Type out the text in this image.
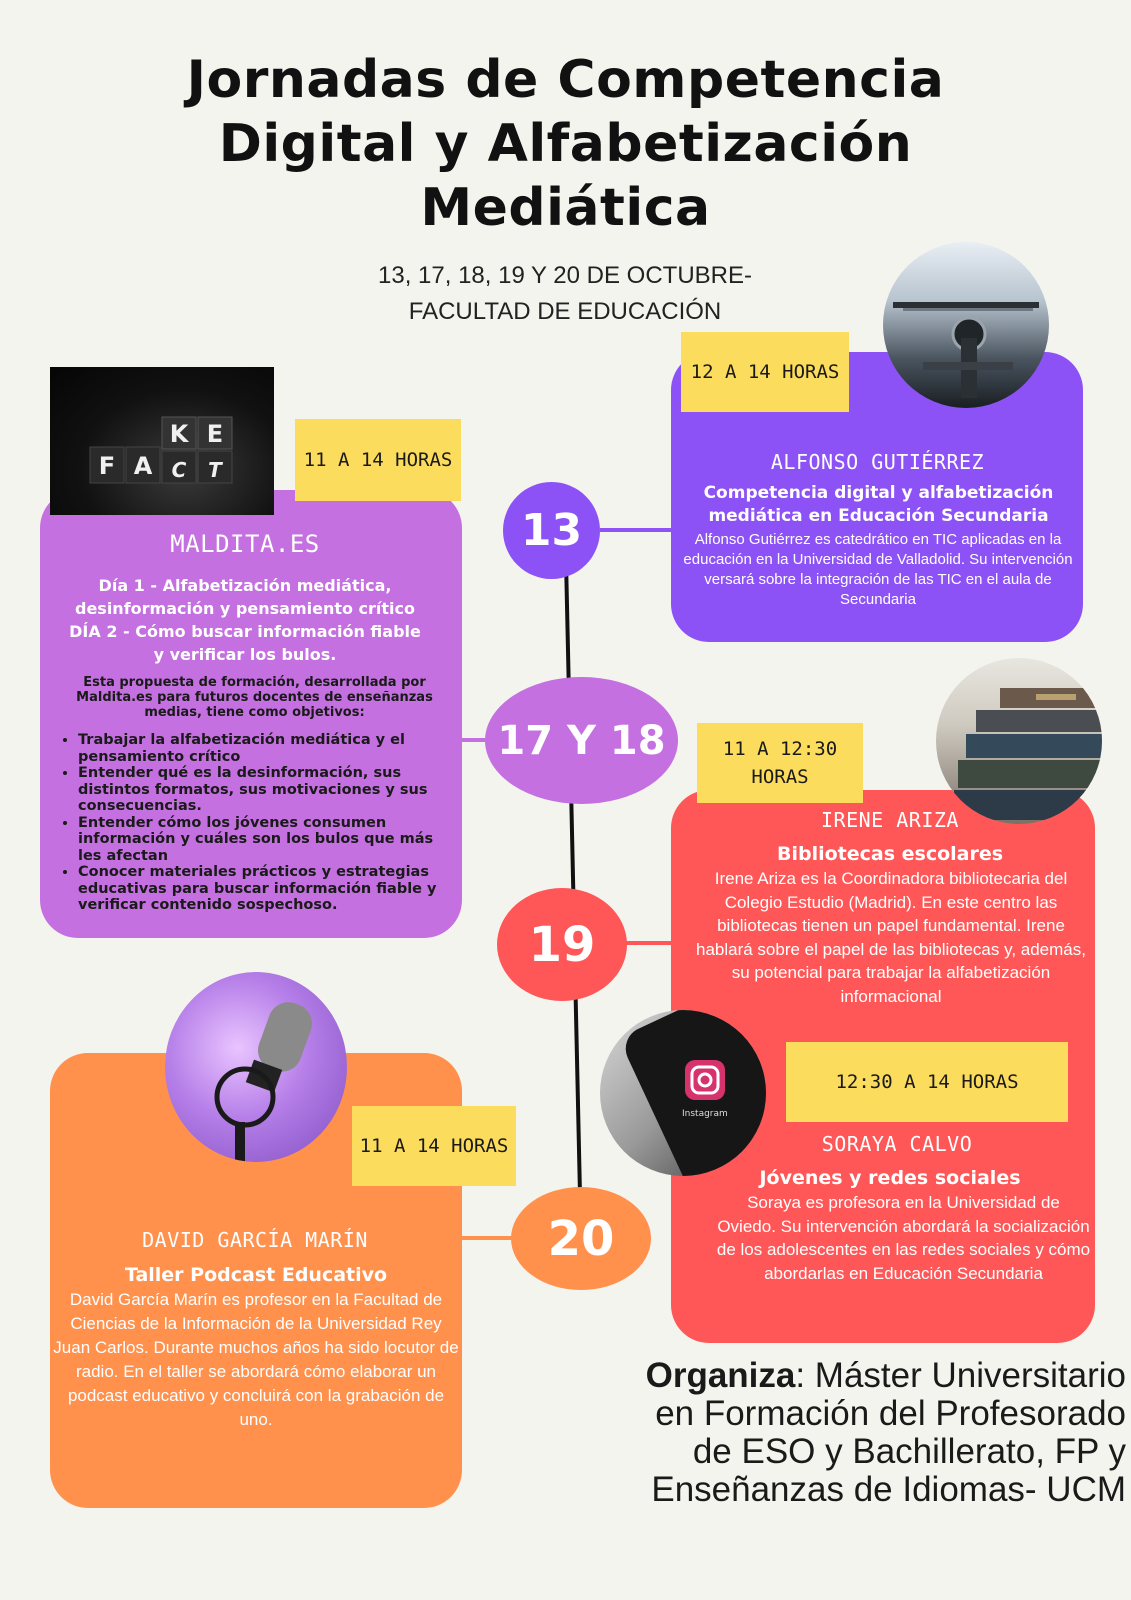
Jornadas de Competencia
Digital y Alfabetización
Mediática
13, 17, 18, 19 Y 20 DE OCTUBRE-
FACULTAD DE EDUCACIÓN
F A C T
K E
11 A 14 HORAS
MALDITA.ES
Día 1 - Alfabetización mediática,
desinformación y pensamiento crítico
DÍA 2 - Cómo buscar información fiable
y verificar los bulos.
Esta propuesta de formación, desarrollada por Maldita.es para futuros docentes de enseñanzas medias, tiene como objetivos:
• Trabajar la alfabetización mediática y el pensamiento crítico
• Entender qué es la desinformación, sus distintos formatos, sus motivaciones y sus consecuencias.
• Entender cómo los jóvenes consumen información y cuáles son los bulos que más les afectan
• Conocer materiales prácticos y estrategias educativas para buscar información fiable y verificar contenido sospechoso.
12 A 14 HORAS
ALFONSO GUTIÉRREZ
Competencia digital y alfabetización mediática en Educación Secundaria
Alfonso Gutiérrez es catedrático en TIC aplicadas en la educación en la Universidad de Valladolid. Su intervención versará sobre la integración de las TIC en el aula de Secundaria
11 A 12:30
HORAS
IRENE ARIZA
Bibliotecas escolares
Irene Ariza es la Coordinadora bibliotecaria del Colegio Estudio (Madrid). En este centro las bibliotecas tienen un papel fundamental. Irene hablará sobre el papel de las bibliotecas y, además, su potencial para trabajar la alfabetización informacional
Instagram
12:30 A 14 HORAS
SORAYA CALVO
Jóvenes y redes sociales
Soraya es profesora en la Universidad de Oviedo. Su intervención abordará la socialización de los adolescentes en las redes sociales y cómo abordarlas en Educación Secundaria
11 A 14 HORAS
DAVID GARCÍA MARÍN
Taller Podcast Educativo
David García Marín es profesor en la Facultad de Ciencias de la Información de la Universidad Rey Juan Carlos. Durante muchos años ha sido locutor de radio. En el taller se abordará cómo elaborar un podcast educativo y concluirá con la grabación de uno.
13
17 Y 18
19
20
Organiza: Máster Universitario
en Formación del Profesorado
de ESO y Bachillerato, FP y
Enseñanzas de Idiomas- UCM
